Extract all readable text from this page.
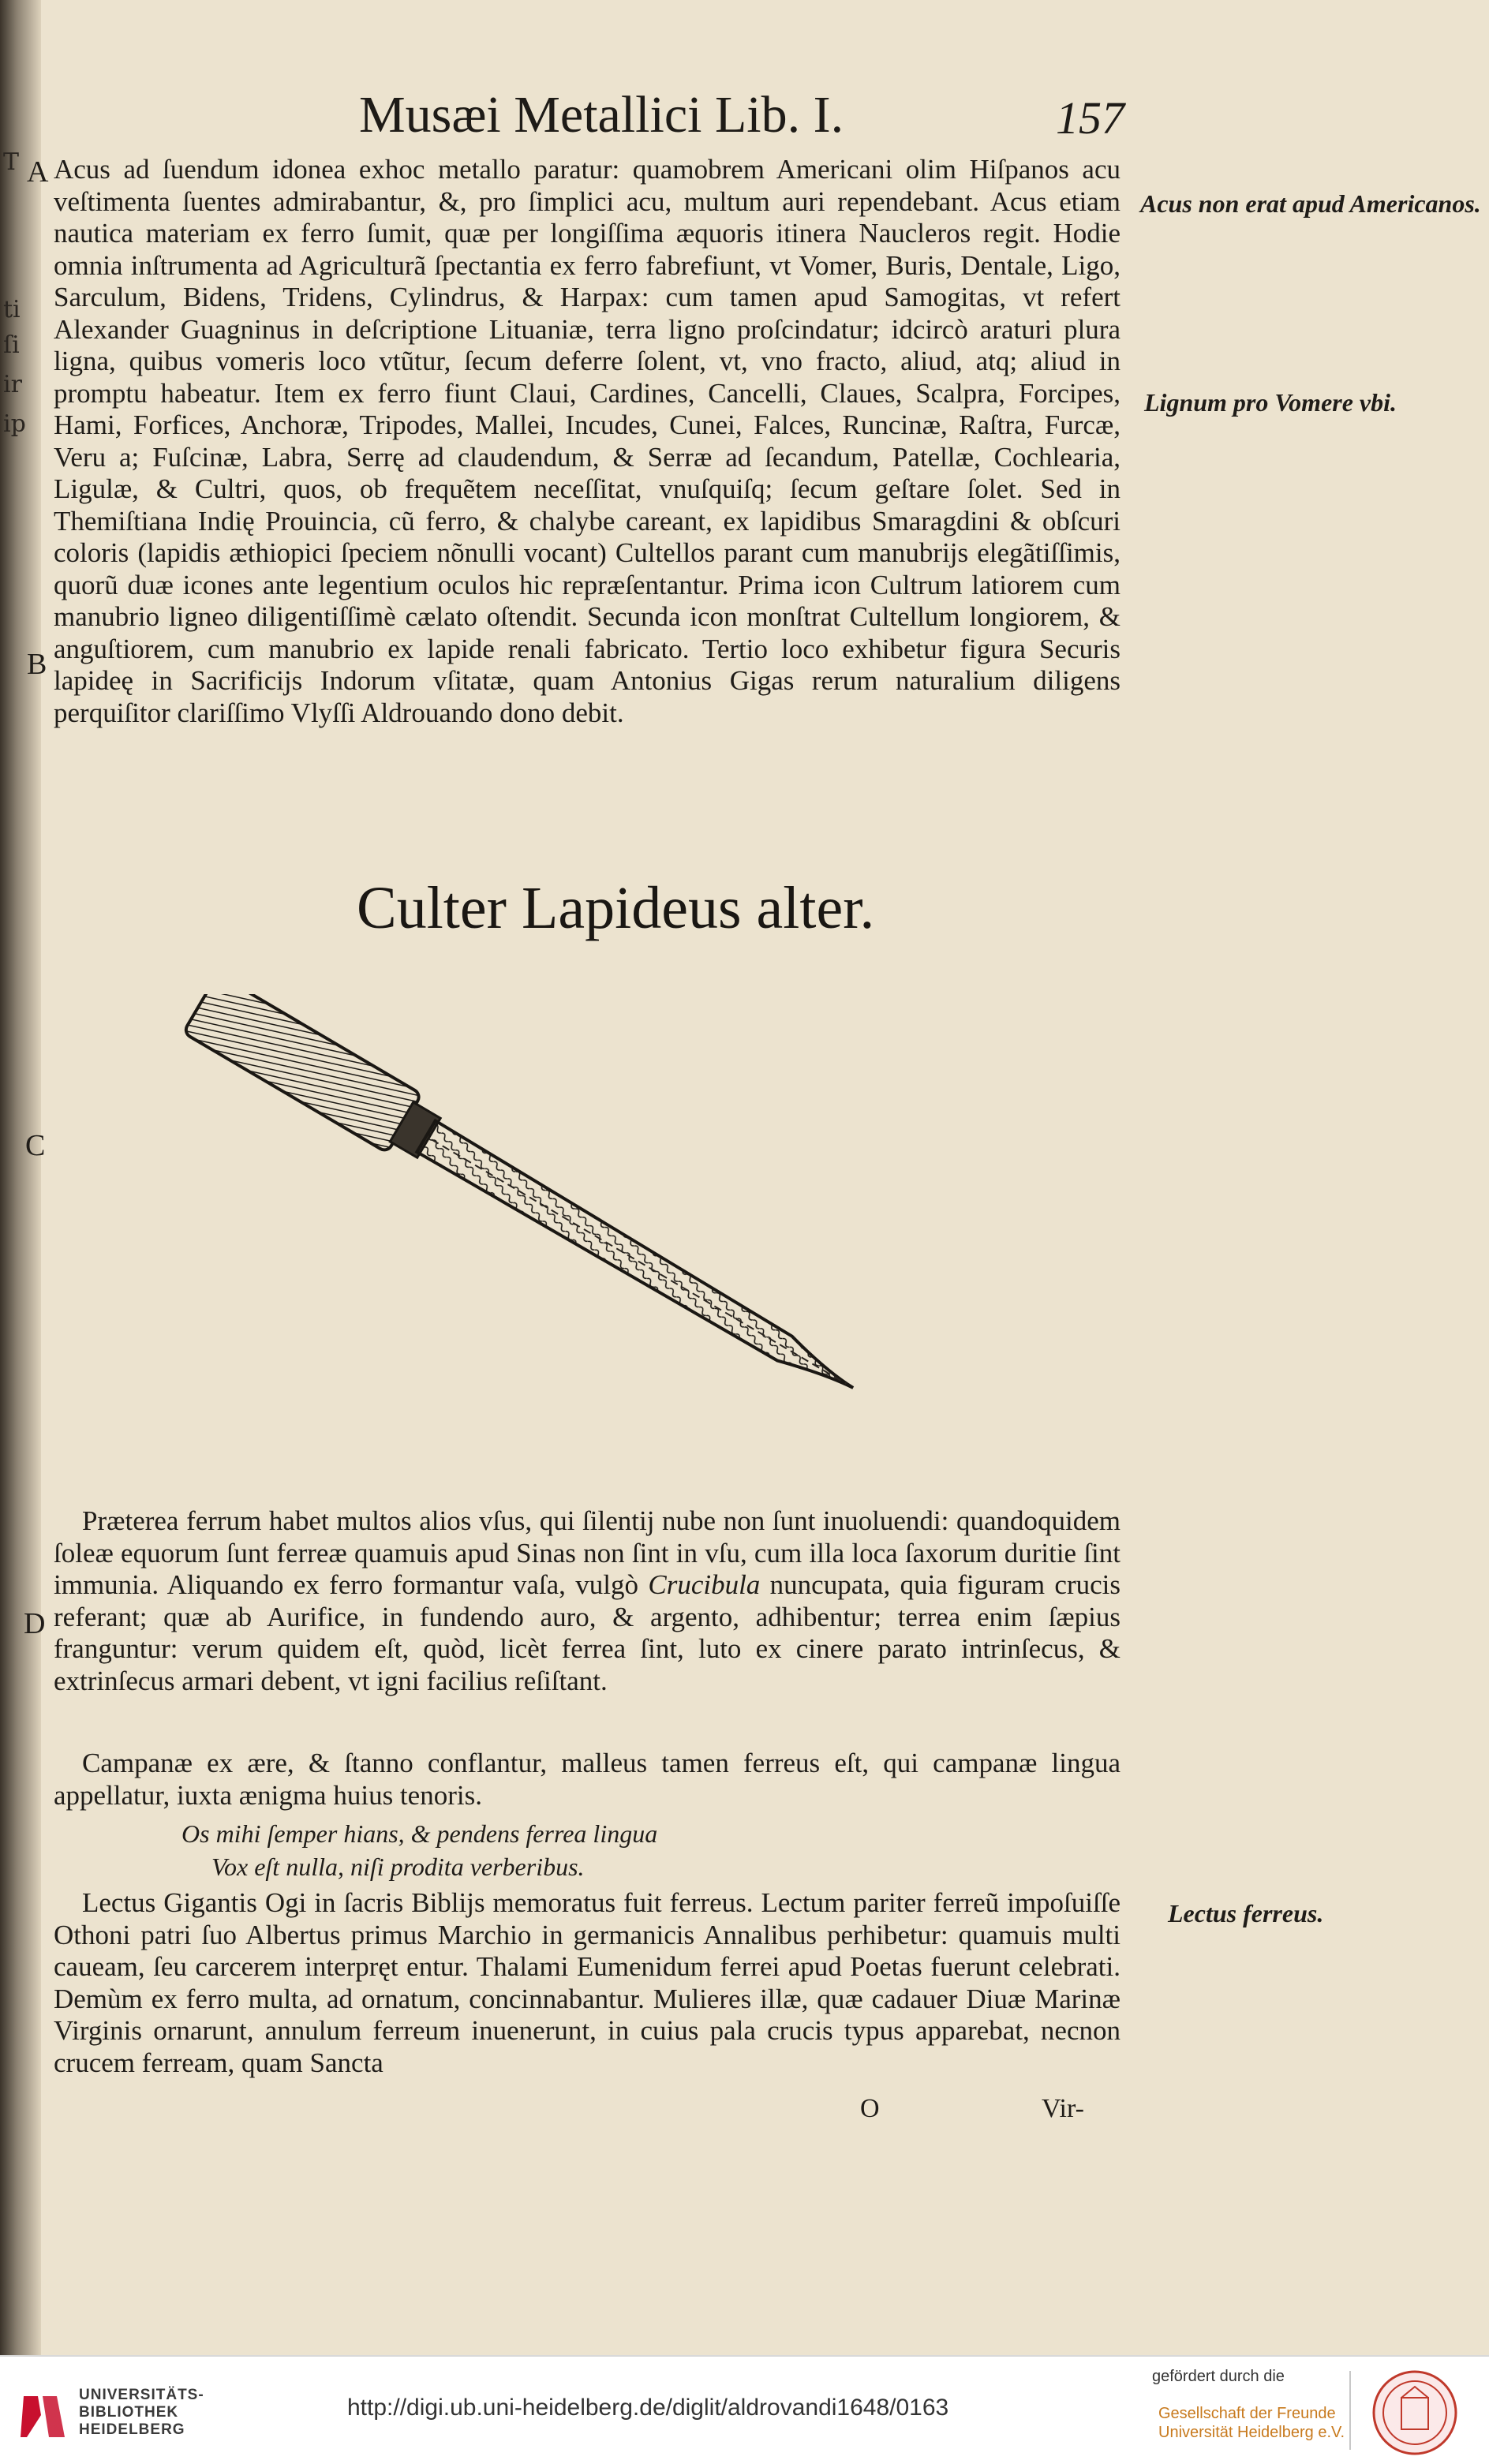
T
ti
ſi
ir
ip
Musæi Metallici Lib. I.	157
A
B
C
D
Acus ad ſuendum idonea exhoc metallo paratur: quamobrem Americani olim Hiſpanos acu veſtimenta ſuentes admirabantur, &, pro ſimplici acu, multum auri rependebant. Acus etiam nautica materiam ex ferro ſumit, quæ per longiſſima æquoris itinera Naucleros regit. Hodie omnia inſtrumenta ad Agriculturã ſpectantia ex ferro fabrefiunt, vt Vomer, Buris, Dentale, Ligo, Sarculum, Bidens, Tridens, Cylindrus, & Harpax: cum tamen apud Samogitas, vt refert Alexander Guagninus in deſcriptione Lituaniæ, terra ligno proſcindatur; idcircò araturi plura ligna, quibus vomeris loco vtũtur, ſecum deferre ſolent, vt, vno fracto, aliud, atq; aliud in promptu habeatur. Item ex ferro fiunt Claui, Cardines, Cancelli, Claues, Scalpra, Forcipes, Hami, Forfices, Anchoræ, Tripodes, Mallei, Incudes, Cunei, Falces, Runcinæ, Raſtra, Furcæ, Veru a; Fuſcinæ, Labra, Serrę ad claudendum, & Serræ ad ſecandum, Patellæ, Cochlearia, Ligulæ, & Cultri, quos, ob frequẽtem neceſſitat, vnuſquiſq; ſecum geſtare ſolet. Sed in Themiſtiana Indię Prouincia, cũ ferro, & chalybe careant, ex lapidibus Smaragdini & obſcuri coloris (lapidis æthiopici ſpeciem nõnulli vocant) Cultellos parant cum manubrijs elegãtiſſimis, quorũ duæ icones ante legentium oculos hic repræſentantur. Prima icon Cultrum latiorem cum manubrio ligneo diligentiſſimè cælato oſtendit. Secunda icon monſtrat Cultellum longiorem, & anguſtiorem, cum manubrio ex lapide renali fabricato. Tertio loco exhibetur figura Securis lapideę in Sacrificijs Indorum vſitatæ, quam Antonius Gigas rerum naturalium diligens perquiſitor clariſſimo Vlyſſi Aldrouando dono debit.
Acus non erat apud Americanos.
Lignum pro Vomere vbi.
Lectus ferreus.
Culter Lapideus alter.
Præterea ferrum habet multos alios vſus, qui ſilentij nube non ſunt inuoluendi: quandoquidem ſoleæ equorum ſunt ferreæ quamuis apud Sinas non ſint in vſu, cum illa loca ſaxorum duritie ſint immunia. Aliquando ex ferro formantur vaſa, vulgò Crucibula nuncupata, quia figuram crucis referant; quæ ab Aurifice, in fundendo auro, & argento, adhibentur; terrea enim ſæpius franguntur: verum quidem eſt, quòd, licèt ferrea ſint, luto ex cinere parato intrinſecus, & extrinſecus armari debent, vt igni facilius reſiſtant.
Campanæ ex ære, & ſtanno conflantur, malleus tamen ferreus eſt, qui campanæ lingua appellatur, iuxta ænigma huius tenoris.
Os mihi ſemper hians, & pendens ferrea lingua
Vox eſt nulla, niſi prodita verberibus.
Lectus Gigantis Ogi in ſacris Biblijs memoratus fuit ferreus. Lectum pariter ferreũ impoſuiſſe Othoni patri ſuo Albertus primus Marchio in germanicis Annalibus perhibetur: quamuis multi caueam, ſeu carcerem interpręt entur. Thalami Eumenidum ferrei apud Poetas fuerunt celebrati. Demùm ex ferro multa, ad ornatum, concinnabantur. Mulieres illæ, quæ cadauer Diuæ Marinæ Virginis ornarunt, annulum ferreum inuenerunt, in cuius pala crucis typus apparebat, necnon crucem ferream, quam Sancta
O	Vir-
UNIVERSITÄTS-
BIBLIOTHEK
HEIDELBERG
http://digi.ub.uni-heidelberg.de/diglit/aldrovandi1648/0163
gefördert durch die
Gesellschaft der Freunde
Universität Heidelberg e.V.
